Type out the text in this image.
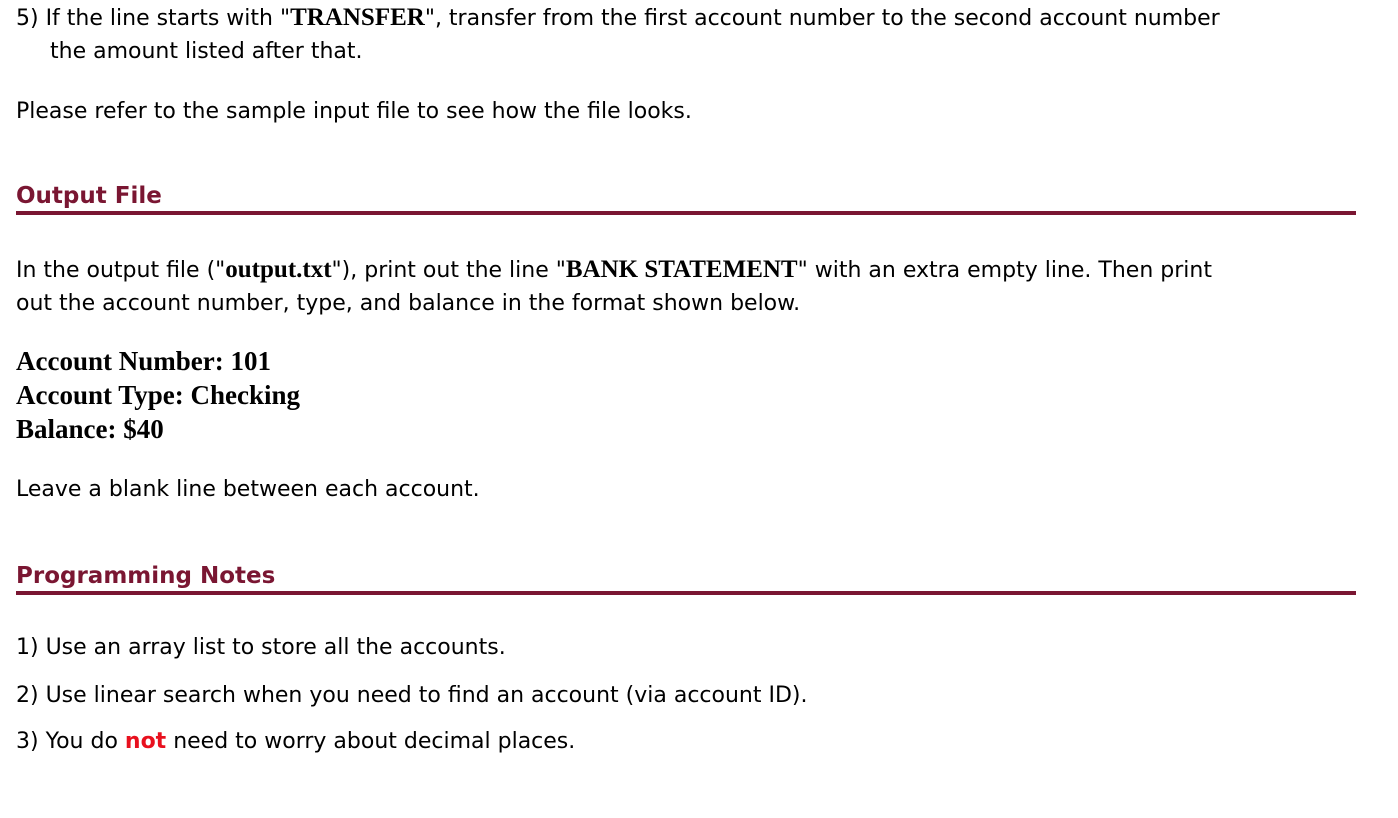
5) If the line starts with "TRANSFER", transfer from the first account number to the second account number
the amount listed after that.
Please refer to the sample input file to see how the file looks.
Output File
In the output file ("output.txt"), print out the line "BANK STATEMENT" with an extra empty line. Then print
out the account number, type, and balance in the format shown below.
Account Number: 101
Account Type: Checking
Balance: $40
Leave a blank line between each account.
Programming Notes
1) Use an array list to store all the accounts.
2) Use linear search when you need to find an account (via account ID).
3) You do not need to worry about decimal places.
